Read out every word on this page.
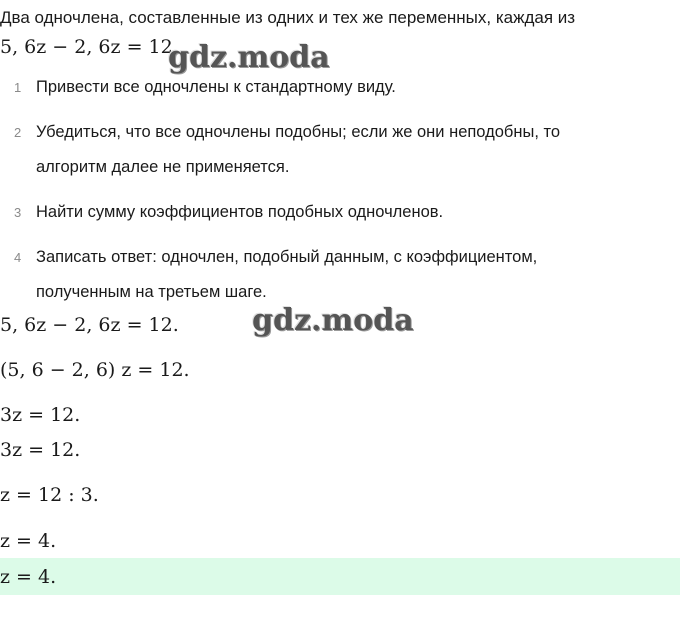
Два одночлена, составленные из одних и тех же переменных, каждая из
5, 6z − 2, 6z = 12.
gdz.moda
1 Привести все одночлены к стандартному виду.
2 Убедиться, что все одночлены подобны; если же они неподобны, то алгоритм далее не применяется.
3 Найти сумму коэффициентов подобных одночленов.
4 Записать ответ: одночлен, подобный данным, с коэффициентом, полученным на третьем шаге.
5, 6z − 2, 6z = 12. gdz.moda
(5, 6 − 2, 6) z = 12.
3z = 12.
3z = 12.
z = 12 : 3.
z = 4.
z = 4.
